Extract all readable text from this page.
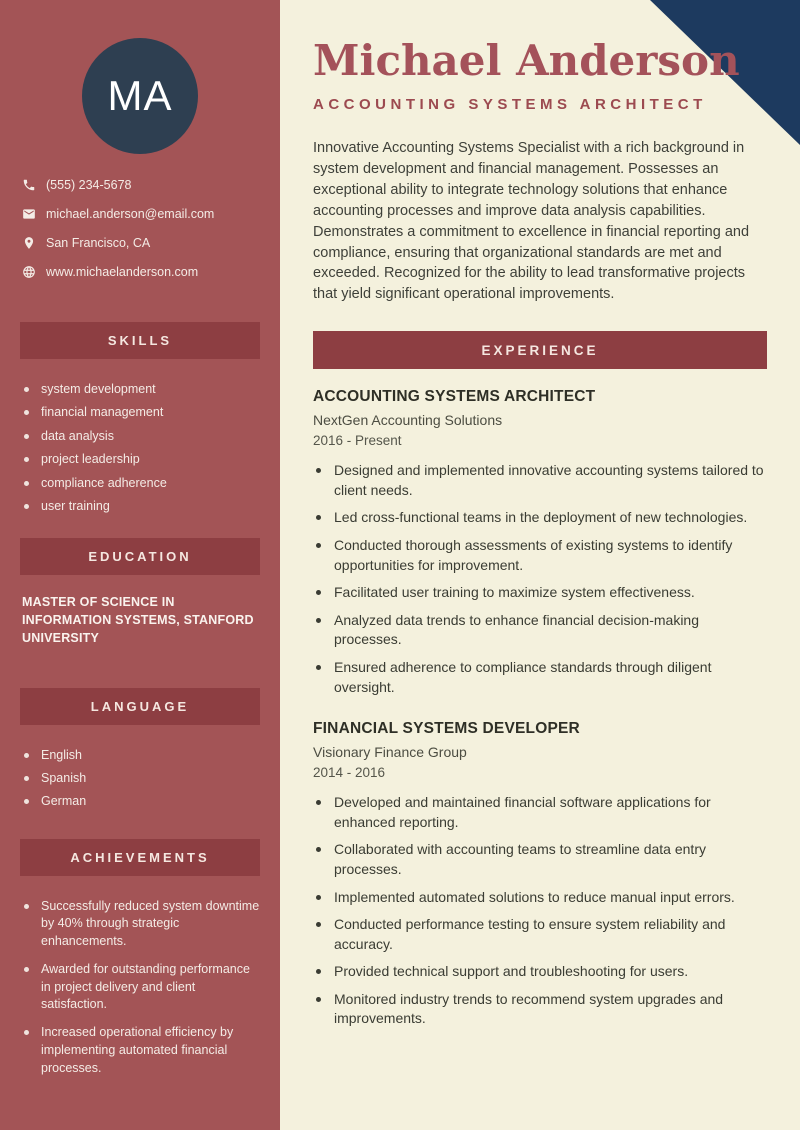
MA
(555) 234-5678
michael.anderson@email.com
San Francisco, CA
www.michaelanderson.com
SKILLS
system development
financial management
data analysis
project leadership
compliance adherence
user training
EDUCATION

MASTER OF SCIENCE IN INFORMATION SYSTEMS, STANFORD UNIVERSITY

LANGUAGE
English
Spanish
German
ACHIEVEMENTS
Successfully reduced system downtime by 40% through strategic enhancements.
Awarded for outstanding performance in project delivery and client satisfaction.
Increased operational efficiency by implementing automated financial processes.
Michael Anderson
ACCOUNTING SYSTEMS ARCHITECT

Innovative Accounting Systems Specialist with a rich background in system development and financial management. Possesses an exceptional ability to integrate technology solutions that enhance accounting processes and improve data analysis capabilities. Demonstrates a commitment to excellence in financial reporting and compliance, ensuring that organizational standards are met and exceeded. Recognized for the ability to lead transformative projects that yield significant operational improvements.

EXPERIENCE
ACCOUNTING SYSTEMS ARCHITECT
NextGen Accounting Solutions
2016 - Present
Designed and implemented innovative accounting systems tailored to client needs.
Led cross-functional teams in the deployment of new technologies.
Conducted thorough assessments of existing systems to identify opportunities for improvement.
Facilitated user training to maximize system effectiveness.
Analyzed data trends to enhance financial decision-making processes.
Ensured adherence to compliance standards through diligent oversight.
FINANCIAL SYSTEMS DEVELOPER
Visionary Finance Group
2014 - 2016
Developed and maintained financial software applications for enhanced reporting.
Collaborated with accounting teams to streamline data entry processes.
Implemented automated solutions to reduce manual input errors.
Conducted performance testing to ensure system reliability and accuracy.
Provided technical support and troubleshooting for users.
Monitored industry trends to recommend system upgrades and improvements.
